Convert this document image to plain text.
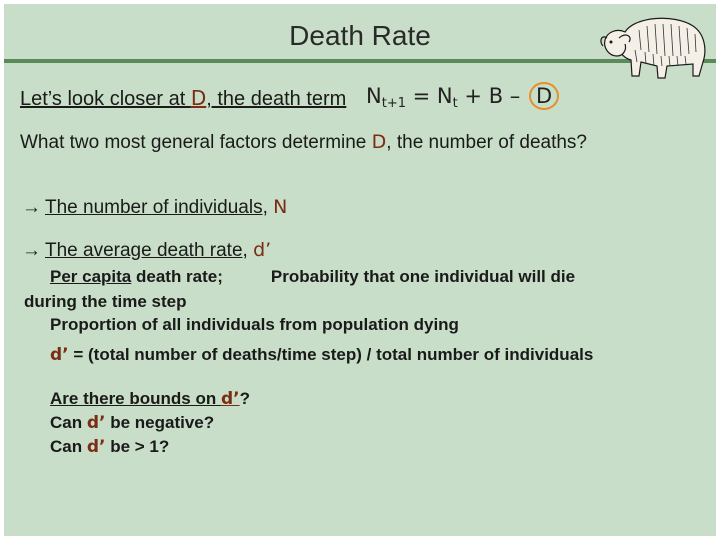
Death Rate
Let’s look closer at D, the death term Nt+1 = Nt + B – D
What two most general factors determine D, the number of deaths?
→ The number of individuals, N
→ The average death rate, d’
Per capita death rate;	Probability that one individual will die
during the time step
Proportion of all individuals from population dying
d’ = (total number of deaths/time step) / total number of individuals
Are there bounds on d’?
Can d’ be negative?
Can d’ be > 1?
